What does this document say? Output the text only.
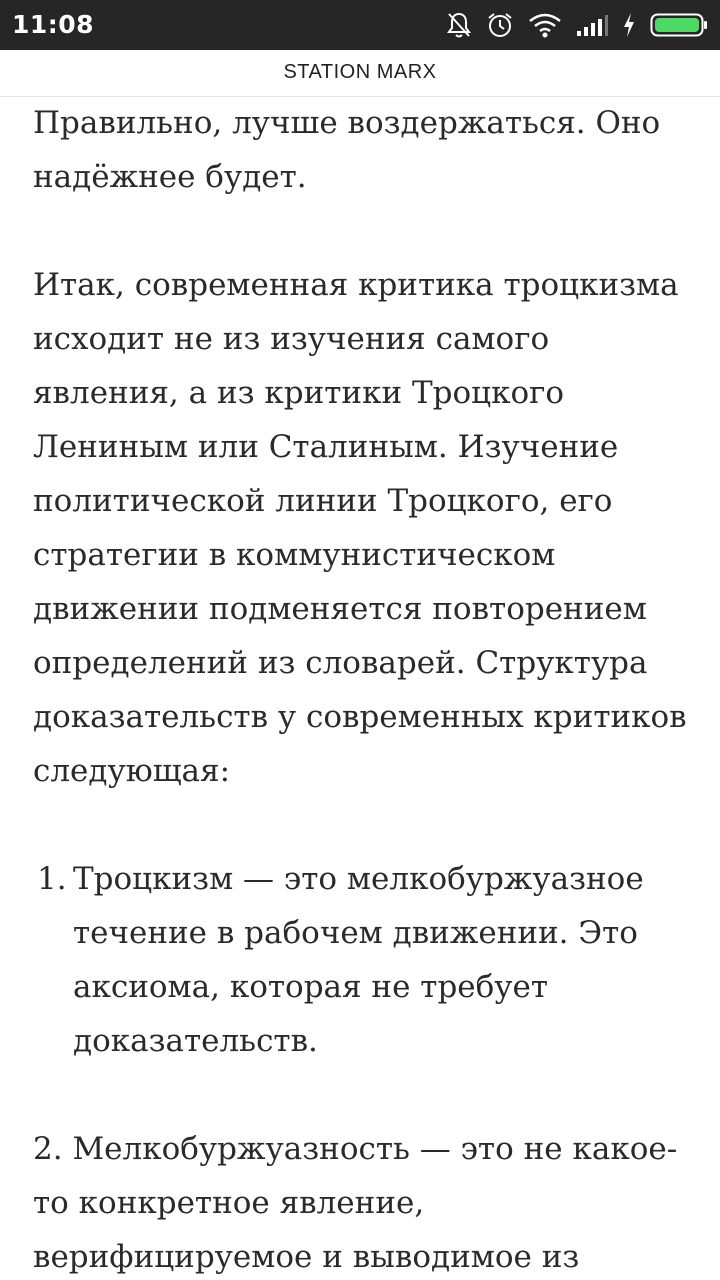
11:08
STATION MARX

Правильно, лучше воздержаться. Оно надёжнее будет.

Итак, современная критика троцкизма исходит не из изучения самого явления, а из критики Троцкого Лениным или Сталиным. Изучение политической линии Троцкого, его стратегии в коммунистическом движении подменяется повторением определений из словарей. Структура доказательств у современных критиков следующая:

1. Троцкизм — это мелкобуржуазное течение в рабочем движении. Это аксиома, которая не требует доказательств.
2. Мелкобуржуазность — это не какое-то конкретное явление, верифицируемое и выводимое из
